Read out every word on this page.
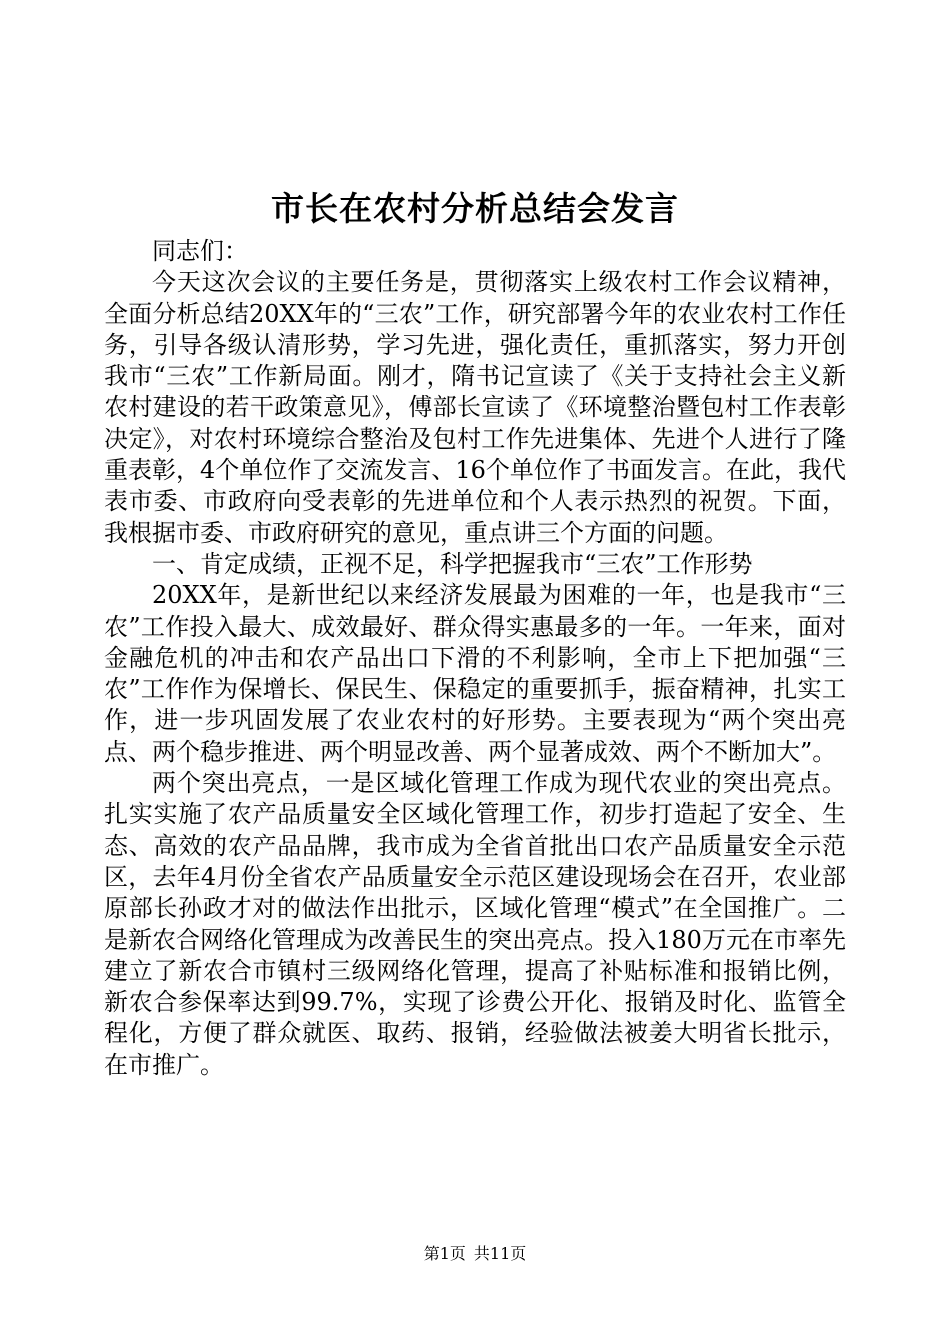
市长在农村分析总结会发言

同志们：

今天这次会议的主要任务是，贯彻落实上级农村工作会议精神，全面分析总结20XX年的“三农”工作，研究部署今年的农业农村工作任务，引导各级认清形势，学习先进，强化责任，重抓落实，努力开创我市“三农”工作新局面。刚才，隋书记宣读了《关于支持社会主义新农村建设的若干政策意见》，傅部长宣读了《环境整治暨包村工作表彰决定》，对农村环境综合整治及包村工作先进集体、先进个人进行了隆重表彰，4个单位作了交流发言、16个单位作了书面发言。在此，我代表市委、市政府向受表彰的先进单位和个人表示热烈的祝贺。下面，我根据市委、市政府研究的意见，重点讲三个方面的问题。

一、肯定成绩，正视不足，科学把握我市“三农”工作形势

20XX年，是新世纪以来经济发展最为困难的一年，也是我市“三农”工作投入最大、成效最好、群众得实惠最多的一年。一年来，面对金融危机的冲击和农产品出口下滑的不利影响，全市上下把加强“三农”工作作为保增长、保民生、保稳定的重要抓手，振奋精神，扎实工作，进一步巩固发展了农业农村的好形势。主要表现为“两个突出亮点、两个稳步推进、两个明显改善、两个显著成效、两个不断加大”。

两个突出亮点，一是区域化管理工作成为现代农业的突出亮点。扎实实施了农产品质量安全区域化管理工作，初步打造起了安全、生态、高效的农产品品牌，我市成为全省首批出口农产品质量安全示范区，去年4月份全省农产品质量安全示范区建设现场会在召开，农业部原部长孙政才对的做法作出批示，区域化管理“模式”在全国推广。二是新农合网络化管理成为改善民生的突出亮点。投入180万元在市率先建立了新农合市镇村三级网络化管理，提高了补贴标准和报销比例，新农合参保率达到99.7%，实现了诊费公开化、报销及时化、监管全程化，方便了群众就医、取药、报销，经验做法被姜大明省长批示，在市推广。

第1页 共11页
